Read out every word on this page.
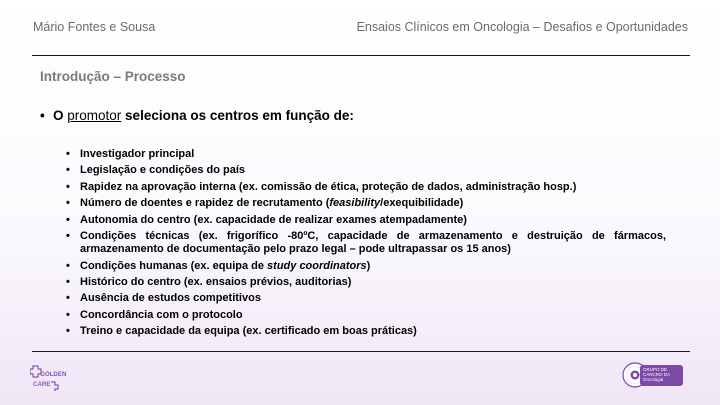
Mário Fontes e Sousa	Ensaios Clínicos em Oncologia – Desafios e Oportunidades
Introdução – Processo
• O promotor seleciona os centros em função de:
• Investigador principal
• Legislação e condições do país
• Rapidez na aprovação interna (ex. comissão de ética, proteção de dados, administração hosp.)
• Número de doentes e rapidez de recrutamento (feasibility/exequibilidade)
• Autonomia do centro (ex. capacidade de realizar exames atempadamente)
• Condições técnicas (ex. frigorífico -80ºC, capacidade de armazenamento e destruição de fármacos, armazenamento de documentação pelo prazo legal – pode ultrapassar os 15 anos)
• Condições humanas (ex. equipa de study coordinators)
• Histórico do centro (ex. ensaios prévios, auditorias)
• Ausência de estudos competitivos
• Concordância com o protocolo
• Treino e capacidade da equipa (ex. certificado em boas práticas)
GOLDEN
CARE
GRUPO DE
CANCRO DA
Oncologia
